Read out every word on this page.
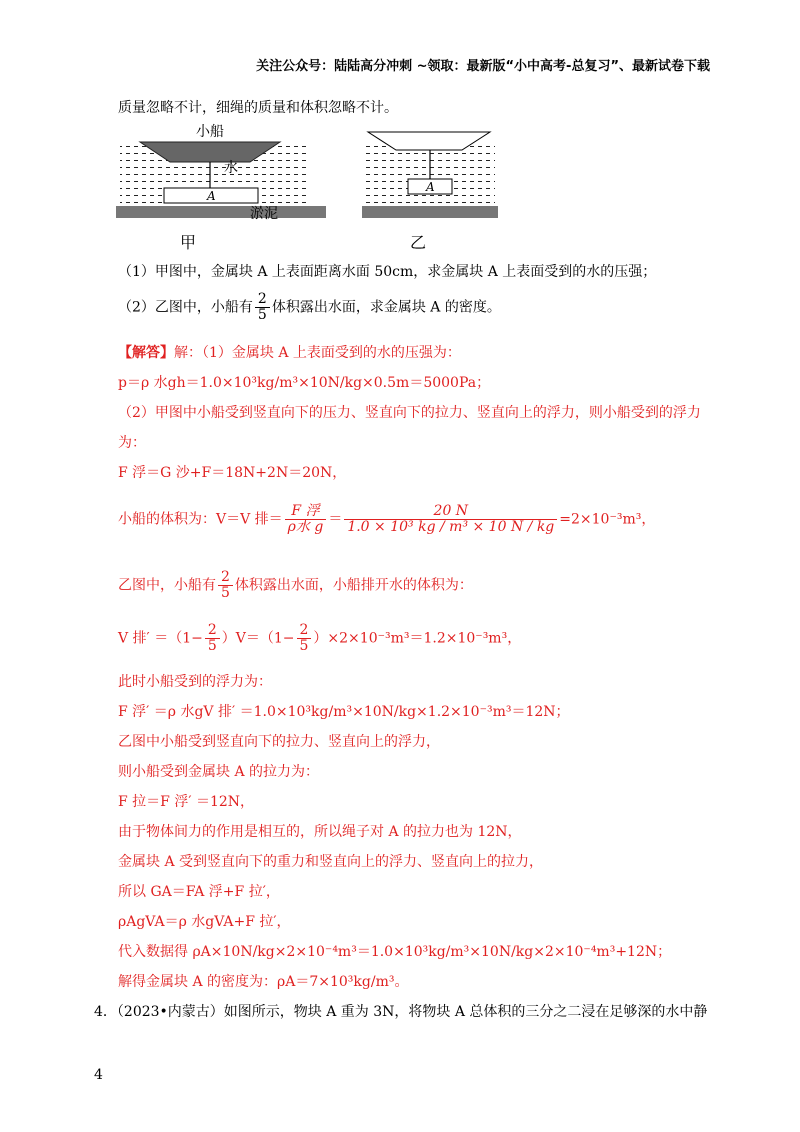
关注公众号：陆陆高分冲刺 ~领取：最新版“小中高考-总复习”、最新试卷下载
质量忽略不计，细绳的质量和体积忽略不计。
小船
水
A
淤泥
甲
A
乙
（1）甲图中，金属块 A 上表面距离水面 50cm，求金属块 A 上表面受到的水的压强；
（2）乙图中，小船有 $\frac{2}{5}$ 体积露出水面，求金属块 A 的密度。
【解答】解：（1）金属块 A 上表面受到的水的压强为：
p＝ρ 水gh＝1.0×10³kg/m³×10N/kg×0.5m＝5000Pa；
（2）甲图中小船受到竖直向下的压力、竖直向下的拉力、竖直向上的浮力，则小船受到的浮力
为：
F 浮＝G 沙+F＝18N+2N＝20N，
小船的体积为：V＝V 排＝ $\frac{\text{F 浮}}{\text{ρ水 g}} = \frac{20 N}{\text{1.0 × 10³ kg / m³ × 10 N / kg}} =2\times 10^{-3}m^3$，
乙图中，小船有 $\frac{2}{5}$ 体积露出水面，小船排开水的体积为：
V 排′ $=(1- \frac{2}{5} )V=(1- \frac{2}{5} )\times 2\times 10^{-3}m^3=1.2\times 10^{-3}m^3$，
此时小船受到的浮力为：
F 浮′ ＝ρ 水gV 排′ ＝1.0×10³kg/m³×10N/kg×1.2×10⁻³m³＝12N；
乙图中小船受到竖直向下的拉力、竖直向上的浮力，
则小船受到金属块 A 的拉力为：
F 拉＝F 浮′ ＝12N，
由于物体间力的作用是相互的，所以绳子对 A 的拉力也为 12N，
金属块 A 受到竖直向下的重力和竖直向上的浮力、竖直向上的拉力，
所以 GA＝FA 浮+F 拉′，
ρAgVA＝ρ 水gVA+F 拉′，
代入数据得 ρA×10N/kg×2×10⁻⁴m³＝1.0×10³kg/m³×10N/kg×2×10⁻⁴m³+12N；
解得金属块 A 的密度为：ρA＝7×10³kg/m³。
4．（2023•内蒙古）如图所示，物块 A 重为 3N，将物块 A 总体积的三分之二浸在足够深的水中静
4
